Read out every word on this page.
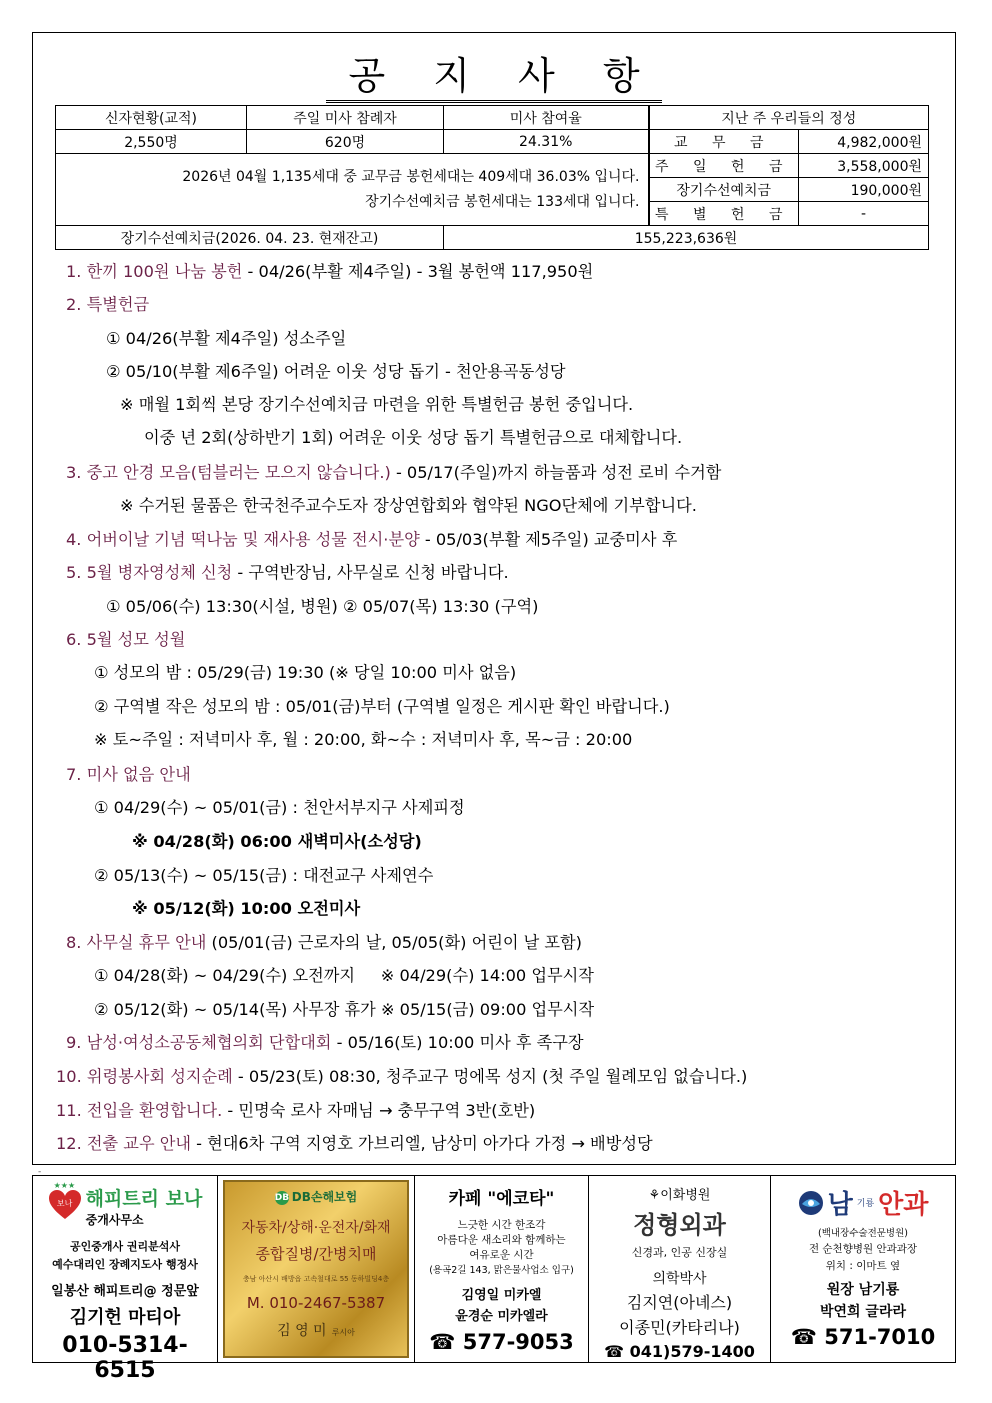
공 지 사 항
신자현황(교적)	주일 미사 참례자	미사 참여율	지난 주 우리들의 정성	
2,550명	620명	24.31%	교 무 금	4,982,000원

2026년 04월 1,135세대 중 교무금 봉헌세대는 409세대 36.03% 입니다.
장기수선예치금 봉헌세대는 133세대 입니다.			주 일 헌 금	3,558,000원
			장기수선예치금	190,000원
			특 별 헌 금	-
장기수선예치금(2026. 04. 23. 현재잔고)		155,223,636원		
1. 한끼 100원 나눔 봉헌 - 04/26(부활 제4주일) - 3월 봉헌액 117,950원
2. 특별헌금
① 04/26(부활 제4주일) 성소주일
② 05/10(부활 제6주일) 어려운 이웃 성당 돕기 - 천안용곡동성당
※ 매월 1회씩 본당 장기수선예치금 마련을 위한 특별헌금 봉헌 중입니다.
이중 년 2회(상하반기 1회) 어려운 이웃 성당 돕기 특별헌금으로 대체합니다.
3. 중고 안경 모음(텀블러는 모으지 않습니다.) - 05/17(주일)까지 하늘품과 성전 로비 수거함
※ 수거된 물품은 한국천주교수도자 장상연합회와 협약된 NGO단체에 기부합니다.
4. 어버이날 기념 떡나눔 및 재사용 성물 전시·분양 - 05/03(부활 제5주일) 교중미사 후
5. 5월 병자영성체 신청 - 구역반장님, 사무실로 신청 바랍니다.
① 05/06(수) 13:30(시설, 병원) ② 05/07(목) 13:30 (구역)
6. 5월 성모 성월
① 성모의 밤 : 05/29(금) 19:30 (※ 당일 10:00 미사 없음)
② 구역별 작은 성모의 밤 : 05/01(금)부터 (구역별 일정은 게시판 확인 바랍니다.)
※ 토~주일 : 저녁미사 후, 월 : 20:00, 화~수 : 저녁미사 후, 목~금 : 20:00
7. 미사 없음 안내
① 04/29(수) ~ 05/01(금) : 천안서부지구 사제피정
※ 04/28(화) 06:00 새벽미사(소성당)
② 05/13(수) ~ 05/15(금) : 대전교구 사제연수
※ 05/12(화) 10:00 오전미사
8. 사무실 휴무 안내 (05/01(금) 근로자의 날, 05/05(화) 어린이 날 포함)
① 04/28(화) ~ 04/29(수) 오전까지     ※ 04/29(수) 14:00 업무시작
② 05/12(화) ~ 05/14(목) 사무장 휴가 ※ 05/15(금) 09:00 업무시작
9. 남성·여성소공동체협의회 단합대회 - 05/16(토) 10:00 미사 후 족구장
10. 위령봉사회 성지순례 - 05/23(토) 08:30, 청주교구 멍에목 성지 (첫 주일 월례모임 없습니다.)
11. 전입을 환영합니다. - 민명숙 로사 자매님 → 충무구역 3반(호반)
12. 전출 교우 안내 - 현대6차 구역 지영호 가브리엘, 남상미 아가다 가정 → 배방성당
-
★★★
보나 해피트리 보나
중개사무소
공인중개사 권리분석사
예수대리인 장례지도사 행정사
일봉산 해피트리@ 정문앞
김기헌 마티아
010-5314-6515
DB DB손해보험
자동차/상해·운전자/화재
종합질병/간병치매
충남 아산시 배방읍 고속철대로 55 동하빌딩4층
M. 010-2467-5387
김 영 미 루시아
카페 "에코타"
느긋한 시간 한조각
아름다운 새소리와 함께하는
여유로운 시간
(용곡2길 143, 맑은물사업소 입구)
김영일 미카엘
윤경순 미카엘라
☎ 577-9053
⚘이화병원
정형외과
신경과, 인공 신장실
의학박사
김지연(아녜스)
이종민(카타리나)
☎ 041)579-1400
남 기룡 안과
(백내장수술전문병원)
전 순천향병원 안과과장
위치 : 이마트 옆
원장 남기룡
박연희 글라라
☎ 571-7010
